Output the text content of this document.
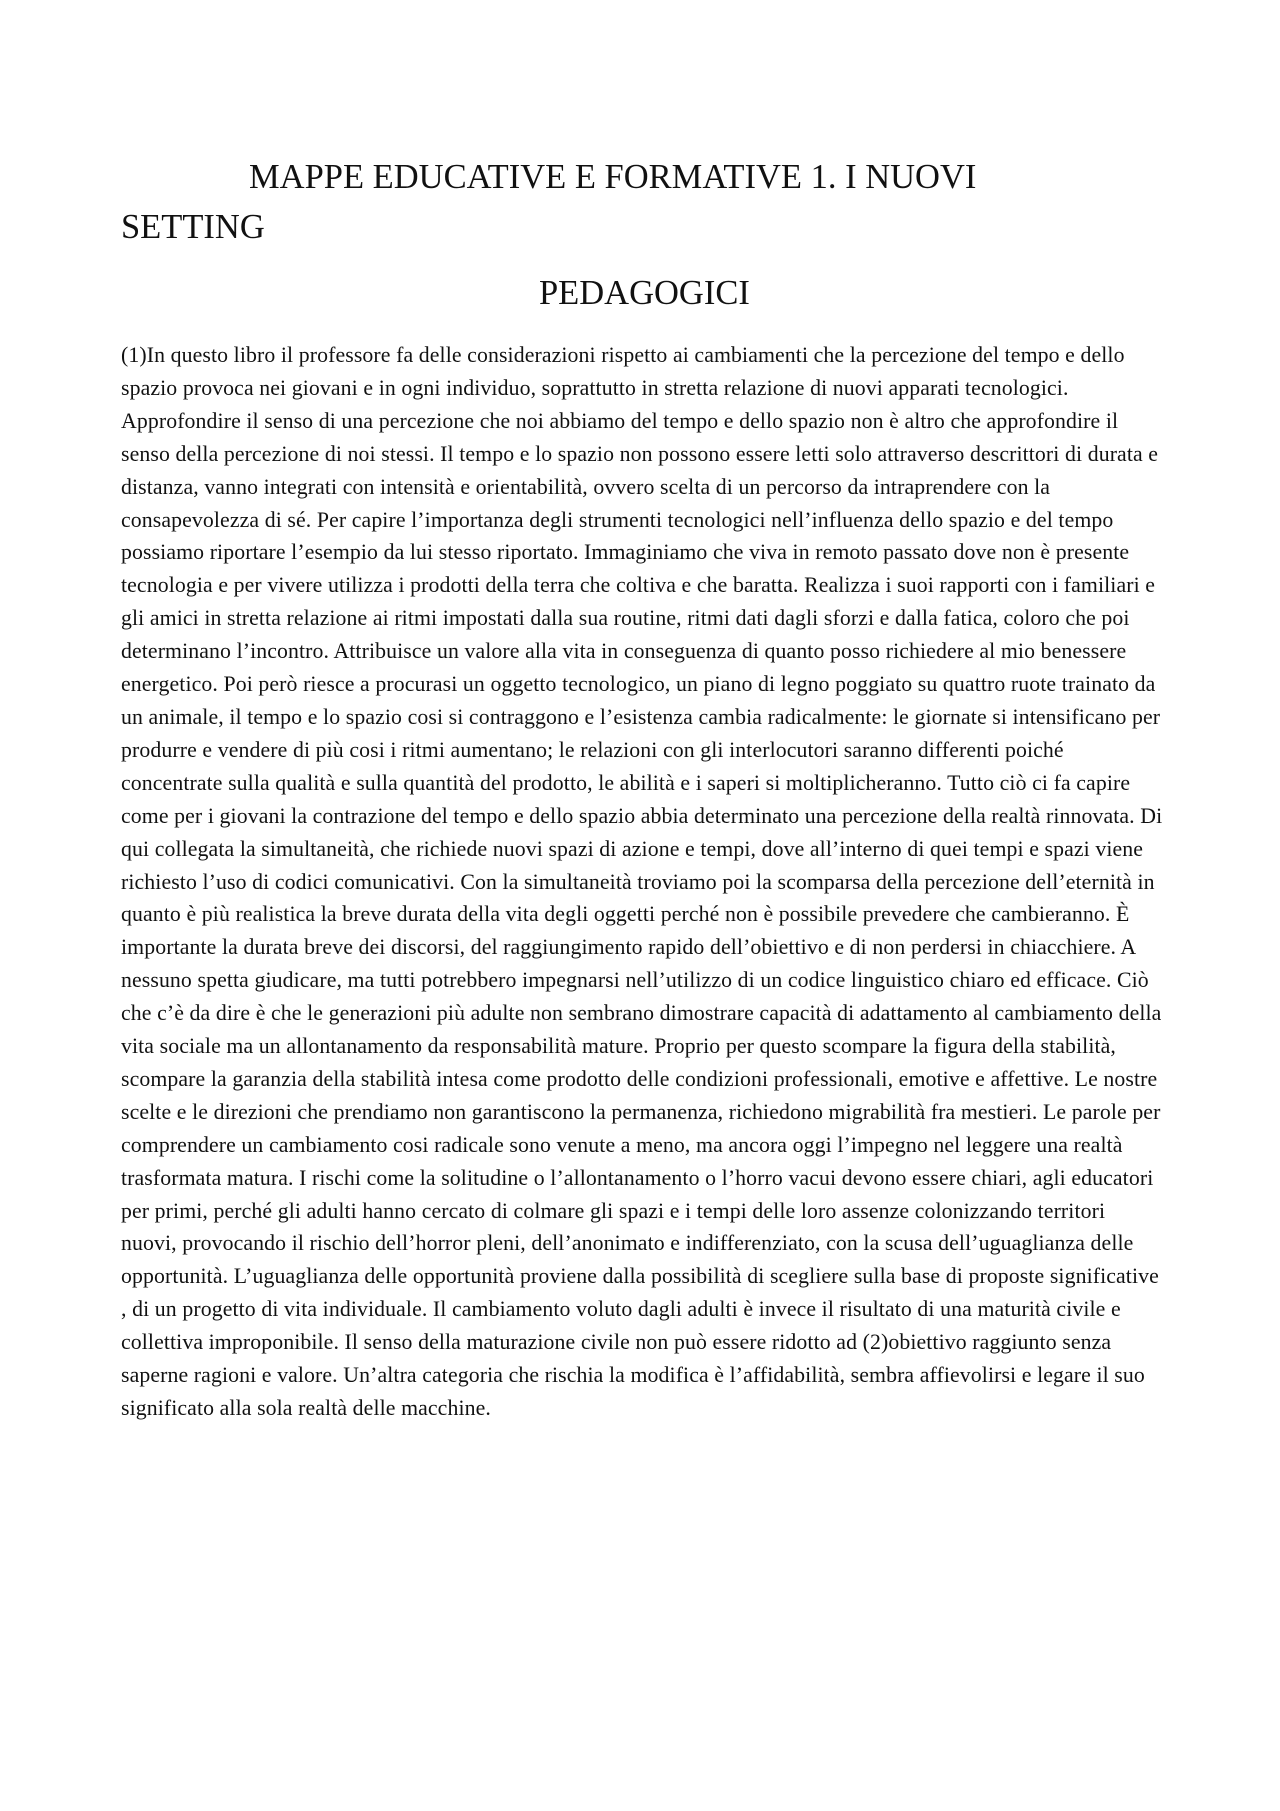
MAPPE EDUCATIVE E FORMATIVE 1. I NUOVI
SETTING
PEDAGOGICI

(1)In questo libro il professore fa delle considerazioni rispetto ai cambiamenti che la percezione del tempo e dello spazio provoca nei giovani e in ogni individuo, soprattutto in stretta relazione di nuovi apparati tecnologici. Approfondire il senso di una percezione che noi abbiamo del tempo e dello spazio non è altro che approfondire il senso della percezione di noi stessi. Il tempo e lo spazio non possono essere letti solo attraverso descrittori di durata e distanza, vanno integrati con intensità e orientabilità, ovvero scelta di un percorso da intraprendere con la consapevolezza di sé. Per capire l’importanza degli strumenti tecnologici nell’influenza dello spazio e del tempo possiamo riportare l’esempio da lui stesso riportato. Immaginiamo che viva in remoto passato dove non è presente tecnologia e per vivere utilizza i prodotti della terra che coltiva e che baratta. Realizza i suoi rapporti con i familiari e gli amici in stretta relazione ai ritmi impostati dalla sua routine, ritmi dati dagli sforzi e dalla fatica, coloro che poi determinano l’incontro. Attribuisce un valore alla vita in conseguenza di quanto posso richiedere al mio benessere energetico. Poi però riesce a procurasi un oggetto tecnologico, un piano di legno poggiato su quattro ruote trainato da un animale, il tempo e lo spazio cosi si contraggono e l’esistenza cambia radicalmente: le giornate si intensificano per produrre e vendere di più cosi i ritmi aumentano; le relazioni con gli interlocutori saranno differenti poiché concentrate sulla qualità e sulla quantità del prodotto, le abilità e i saperi si moltiplicheranno. Tutto ciò ci fa capire come per i giovani la contrazione del tempo e dello spazio abbia determinato una percezione della realtà rinnovata. Di qui collegata la simultaneità, che richiede nuovi spazi di azione e tempi, dove all’interno di quei tempi e spazi viene richiesto l’uso di codici comunicativi. Con la simultaneità troviamo poi la scomparsa della percezione dell’eternità in quanto è più realistica la breve durata della vita degli oggetti perché non è possibile prevedere che cambieranno. È importante la durata breve dei discorsi, del raggiungimento rapido dell’obiettivo e di non perdersi in chiacchiere. A nessuno spetta giudicare, ma tutti potrebbero impegnarsi nell’utilizzo di un codice linguistico chiaro ed efficace. Ciò che c’è da dire è che le generazioni più adulte non sembrano dimostrare capacità di adattamento al cambiamento della vita sociale ma un allontanamento da responsabilità mature. Proprio per questo scompare la figura della stabilità, scompare la garanzia della stabilità intesa come prodotto delle condizioni professionali, emotive e affettive. Le nostre scelte e le direzioni che prendiamo non garantiscono la permanenza, richiedono migrabilità fra mestieri. Le parole per comprendere un cambiamento cosi radicale sono venute a meno, ma ancora oggi l’impegno nel leggere una realtà trasformata matura. I rischi come la solitudine o l’allontanamento o l’horro vacui devono essere chiari, agli educatori per primi, perché gli adulti hanno cercato di colmare gli spazi e i tempi delle loro assenze colonizzando territori nuovi, provocando il rischio dell’horror pleni, dell’anonimato e indifferenziato, con la scusa dell’uguaglianza delle opportunità. L’uguaglianza delle opportunità proviene dalla possibilità di scegliere sulla base di proposte significative , di un progetto di vita individuale. Il cambiamento voluto dagli adulti è invece il risultato di una maturità civile e collettiva improponibile. Il senso della maturazione civile non può essere ridotto ad (2)obiettivo raggiunto senza saperne ragioni e valore. Un’altra categoria che rischia la modifica è l’affidabilità, sembra affievolirsi e legare il suo significato alla sola realtà delle macchine.
